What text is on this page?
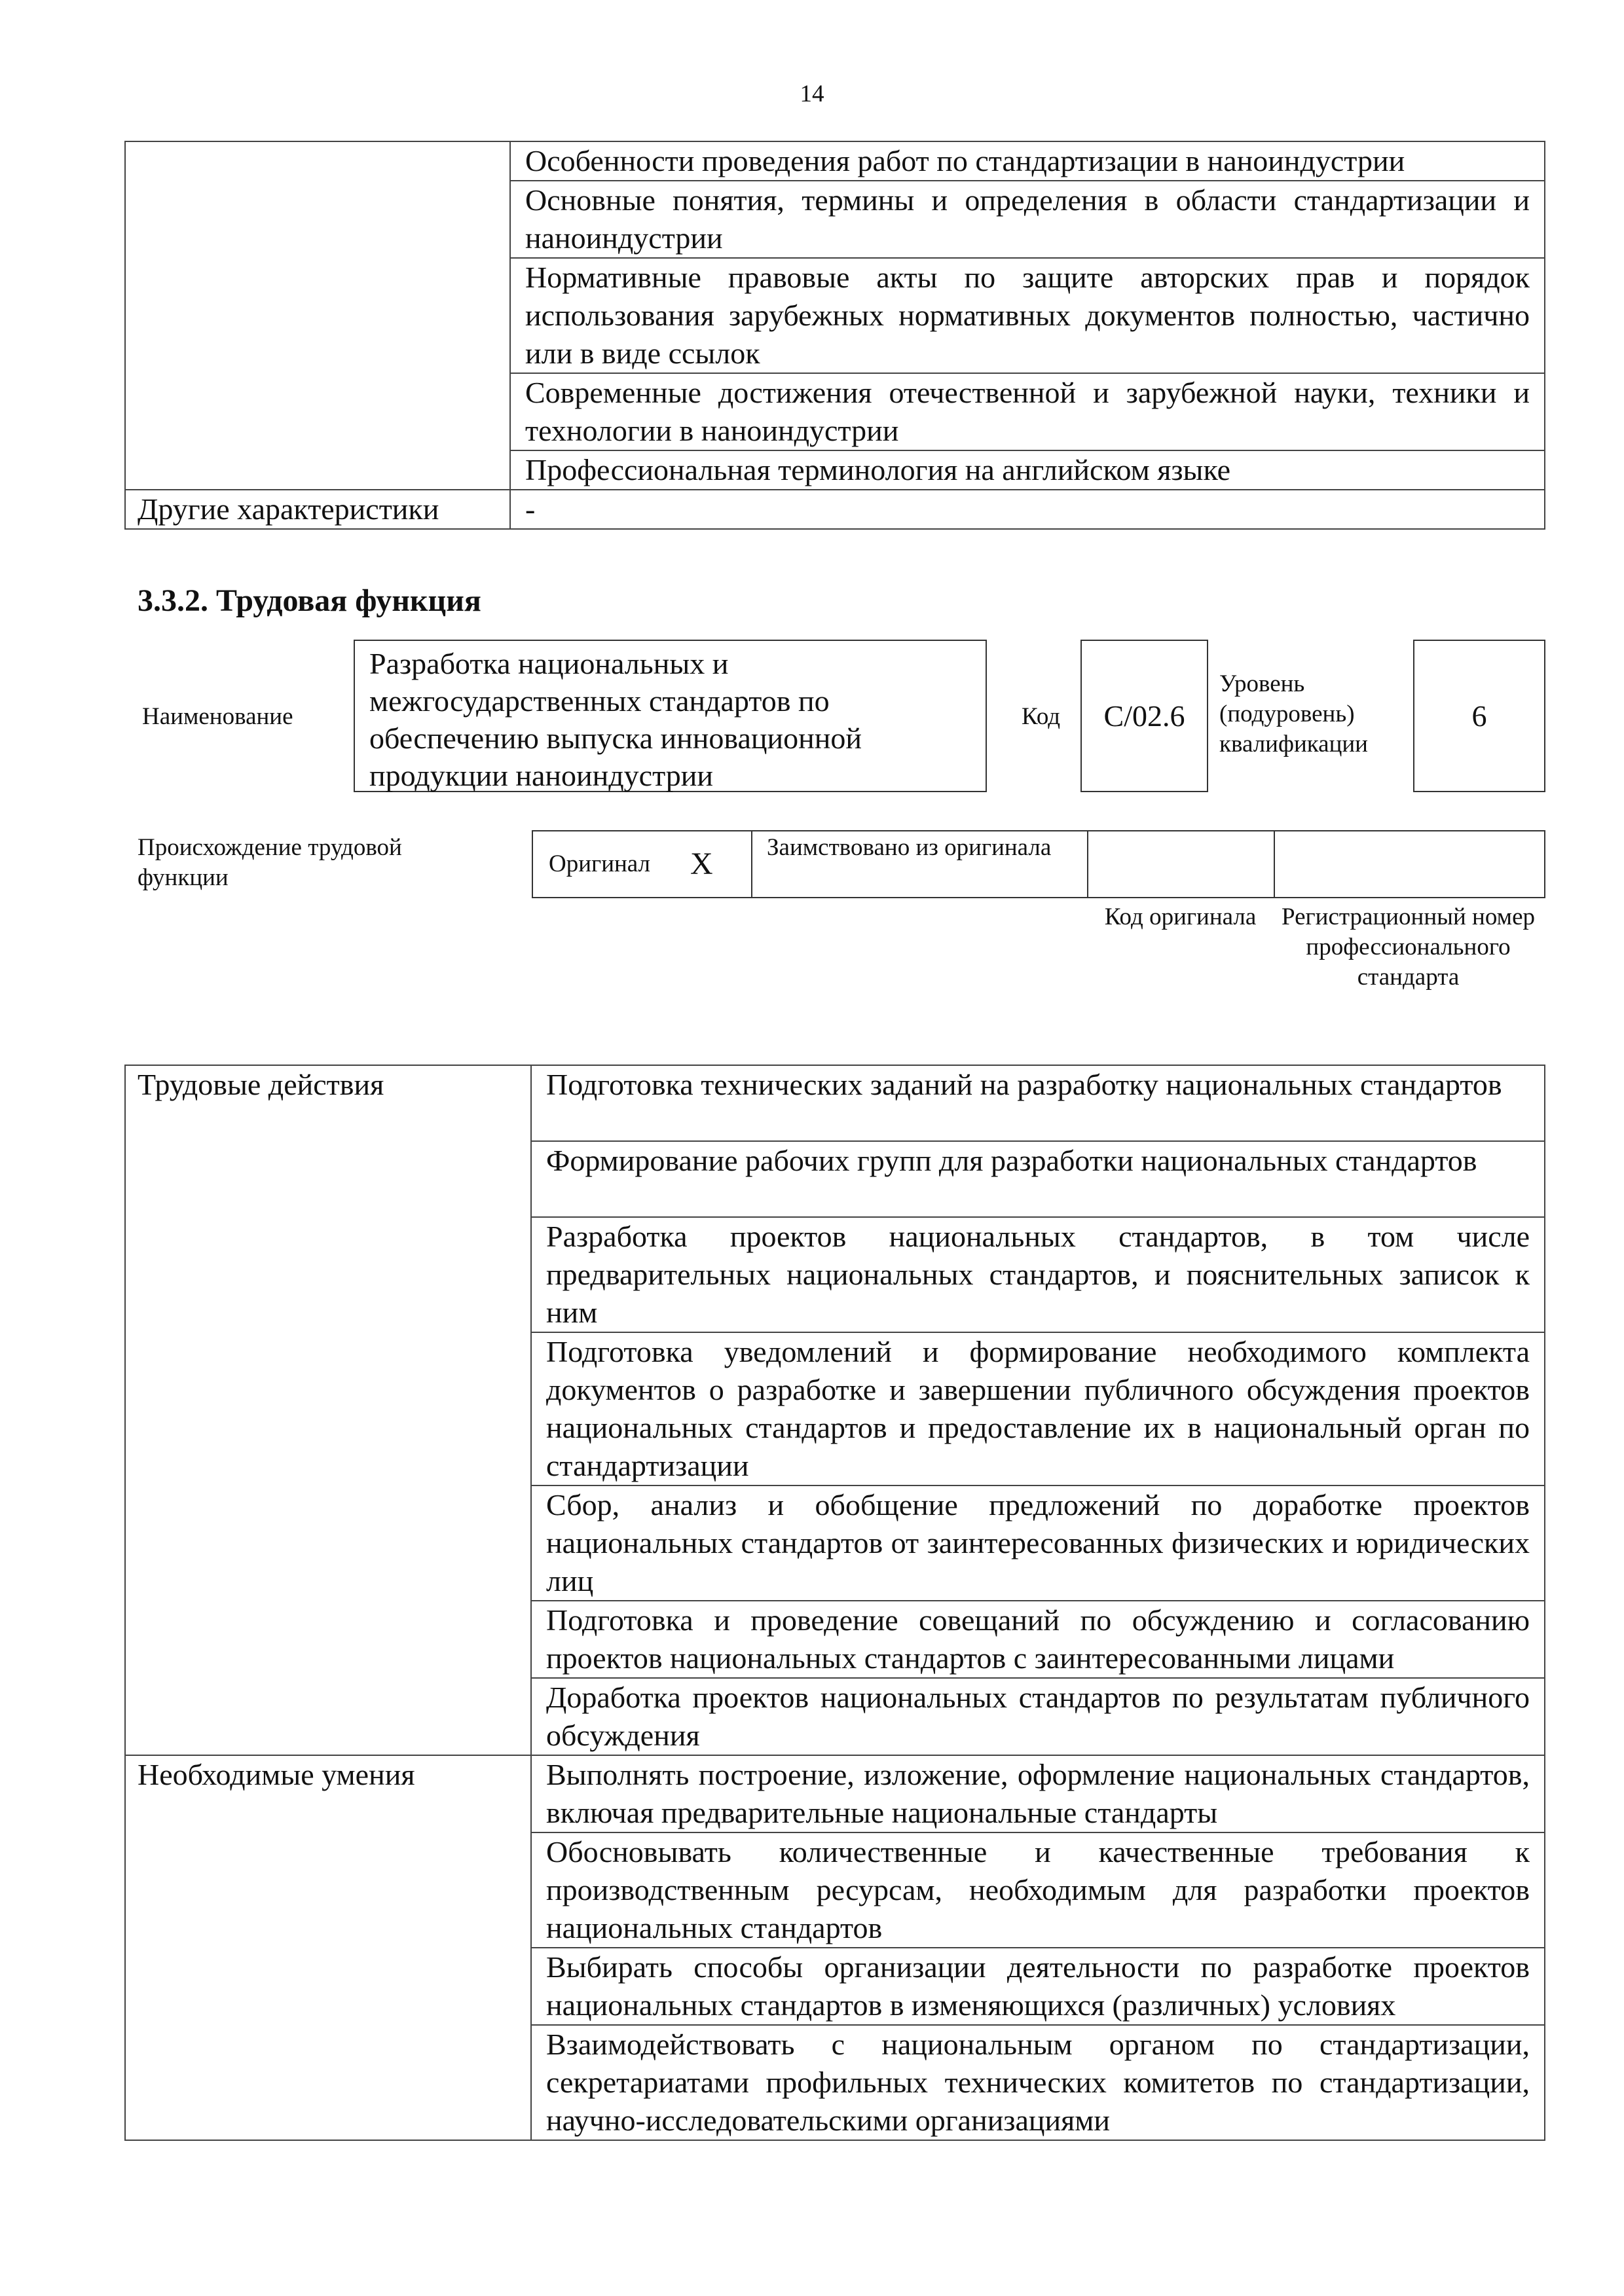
14
	Особенности проведения работ по стандартизации в наноиндустрии
	Основные понятия, термины и определения в области стандартизации и наноиндустрии
	Нормативные правовые акты по защите авторских прав и порядок использования зарубежных нормативных документов полностью, частично или в виде ссылок
	Современные достижения отечественной и зарубежной науки, техники и технологии в наноиндустрии
	Профессиональная терминология на английском языке
Другие характеристики	-
3.3.2. Трудовая функция
Наименование
Разработка национальных и межгосударственных стандартов по обеспечению выпуска инновационной продукции наноиндустрии
Код	C/02.6
Уровень (подуровень) квалификации
6
Происхождение трудовой функции
Оригинал X Заимствовано из оригинала
Код оригинала	Регистрационный номер профессионального стандарта
Трудовые действия	Подготовка технических заданий на разработку национальных стандартов
	Формирование рабочих групп для разработки национальных стандартов
	Разработка проектов национальных стандартов, в том числе предварительных национальных стандартов, и пояснительных записок к ним
	Подготовка уведомлений и формирование необходимого комплекта документов о разработке и завершении публичного обсуждения проектов национальных стандартов и предоставление их в национальный орган по стандартизации
	Сбор, анализ и обобщение предложений по доработке проектов национальных стандартов от заинтересованных физических и юридических лиц
	Подготовка и проведение совещаний по обсуждению и согласованию проектов национальных стандартов с заинтересованными лицами
	Доработка проектов национальных стандартов по результатам публичного обсуждения
Необходимые умения	Выполнять построение, изложение, оформление национальных стандартов, включая предварительные национальные стандарты
	Обосновывать количественные и качественные требования к производственным ресурсам, необходимым для разработки проектов национальных стандартов
	Выбирать способы организации деятельности по разработке проектов национальных стандартов в изменяющихся (различных) условиях
	Взаимодействовать с национальным органом по стандартизации, секретариатами профильных технических комитетов по стандартизации, научно-исследовательскими организациями
